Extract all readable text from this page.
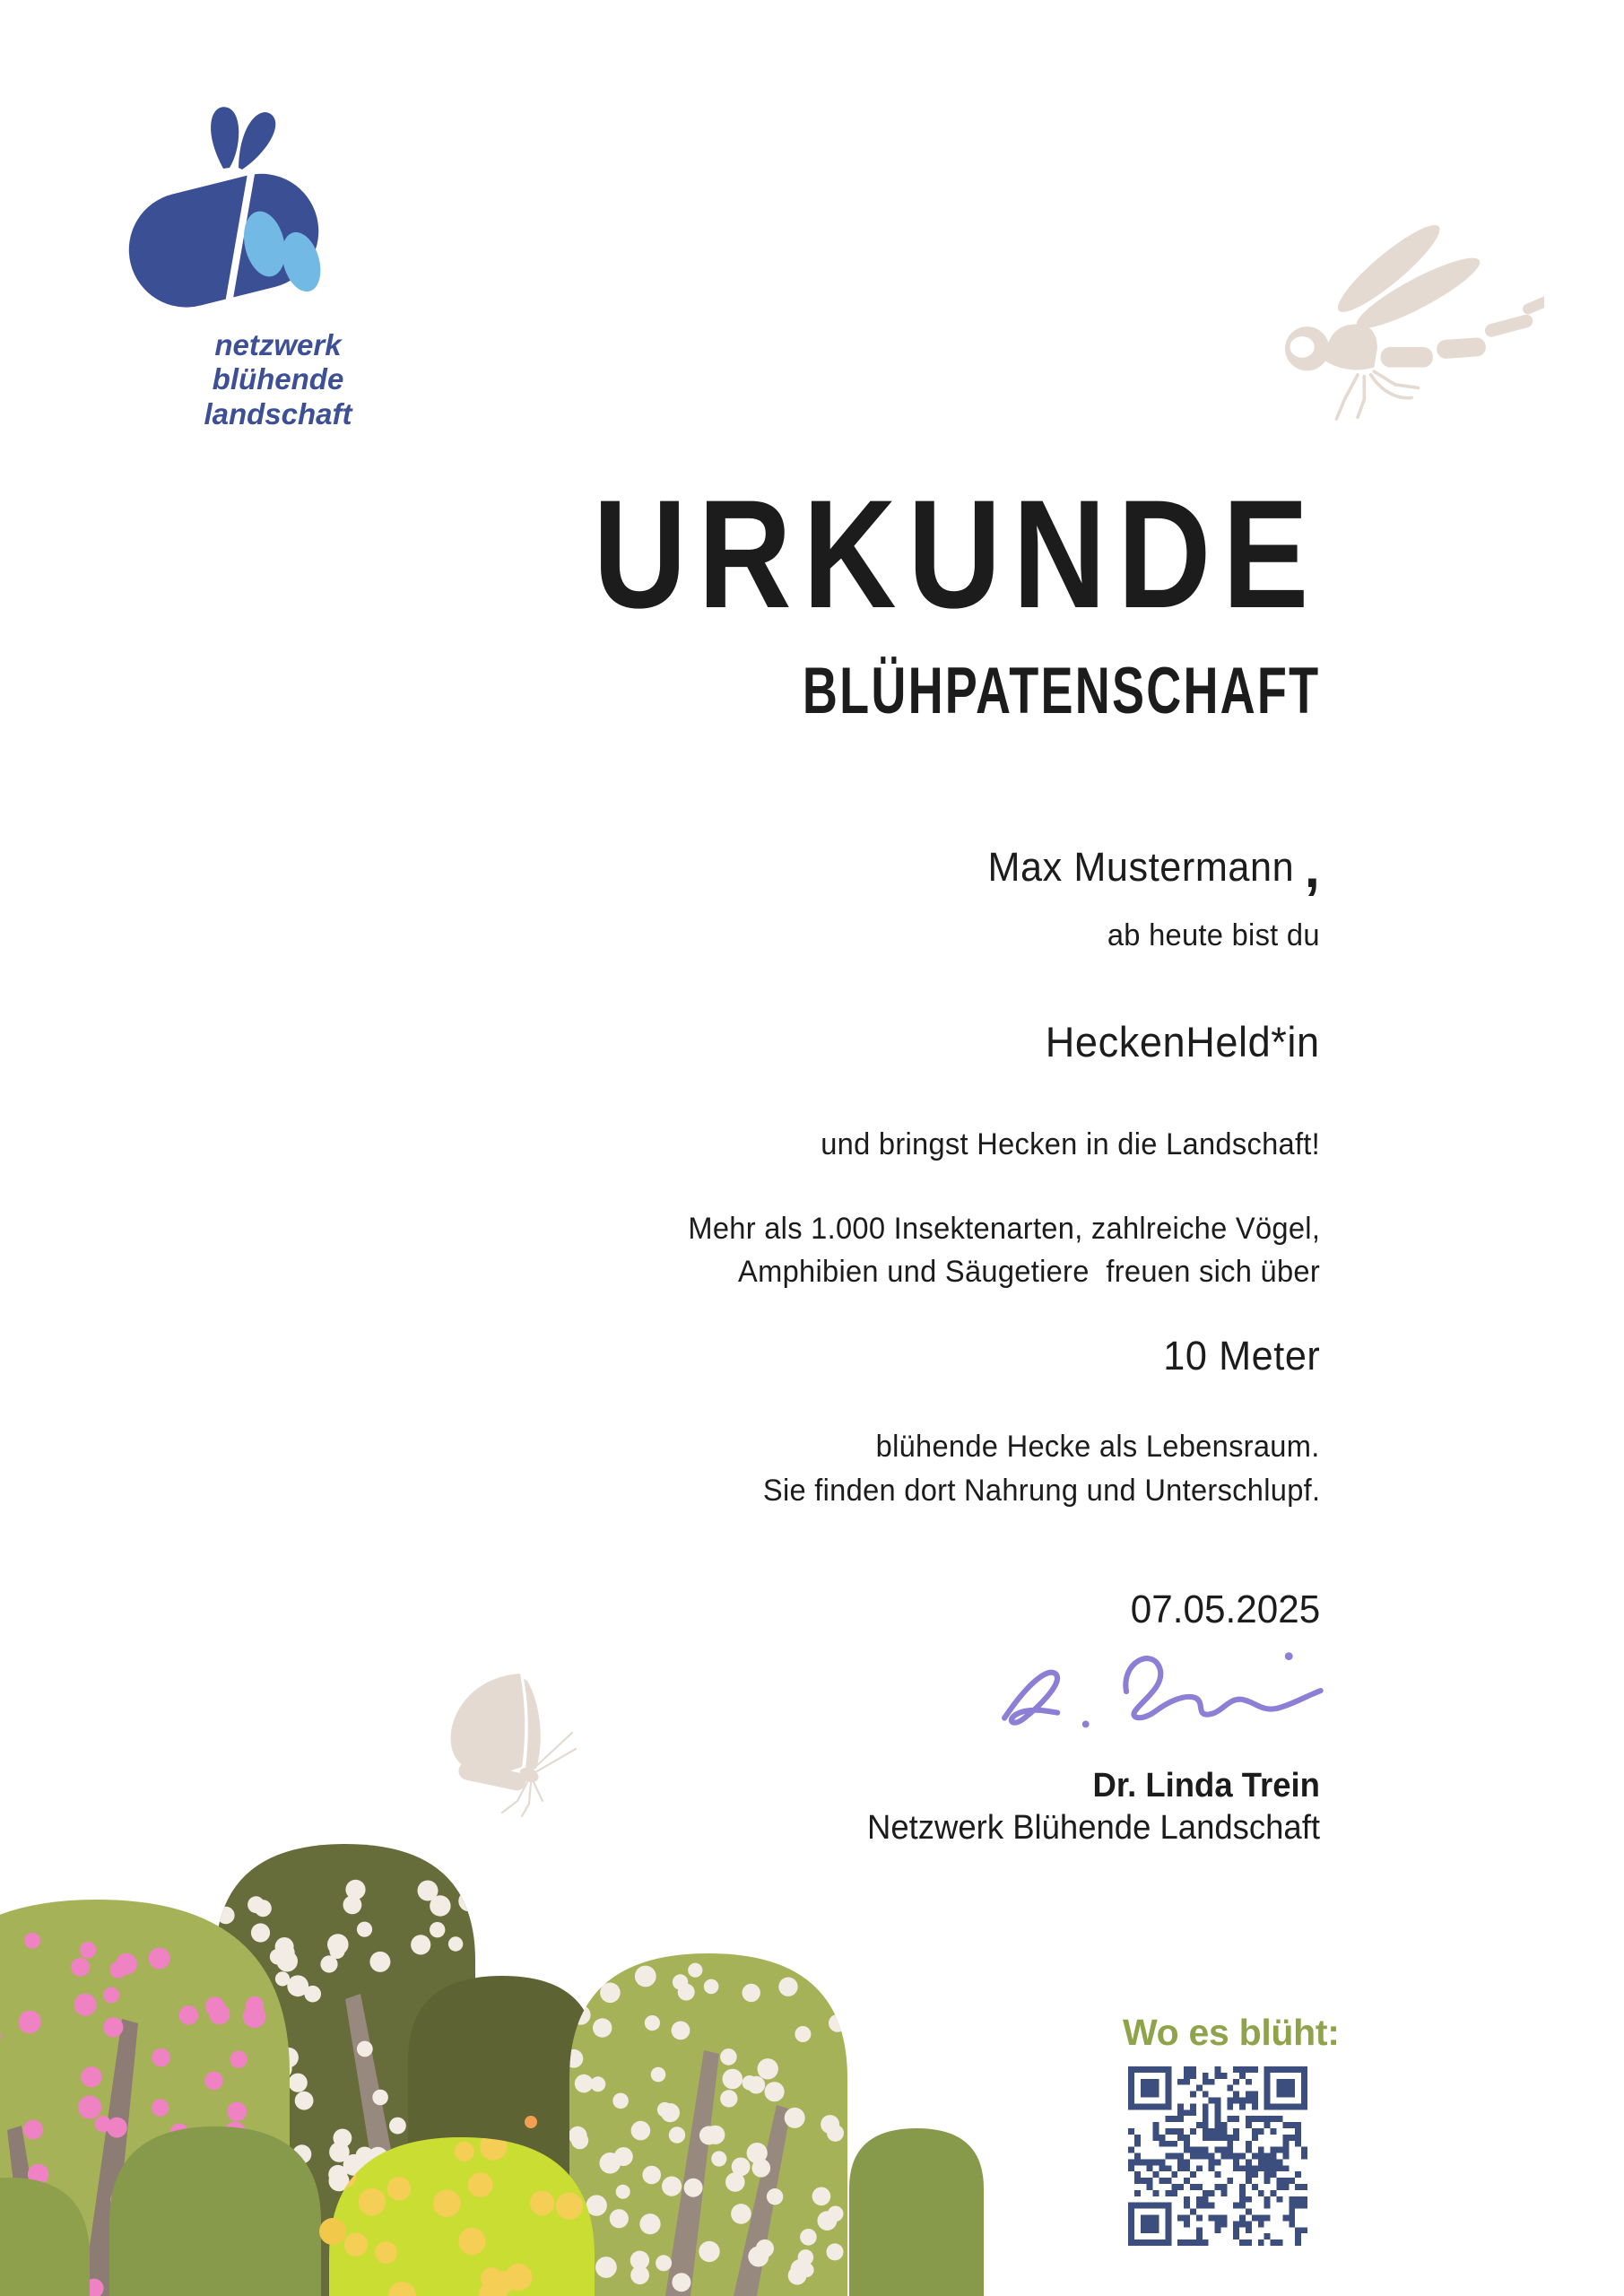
netzwerk
blühende
landschaft
URKUNDE
BLÜHPATENSCHAFT
Max Mustermann ,
ab heute bist du
HeckenHeld*in
und bringst Hecken in die Landschaft!
Mehr als 1.000 Insektenarten, zahlreiche Vögel,
Amphibien und Säugetiere  freuen sich über
10 Meter
blühende Hecke als Lebensraum.
Sie finden dort Nahrung und Unterschlupf.
07.05.2025
Dr. Linda Trein
Netzwerk Blühende Landschaft
Wo es blüht:
